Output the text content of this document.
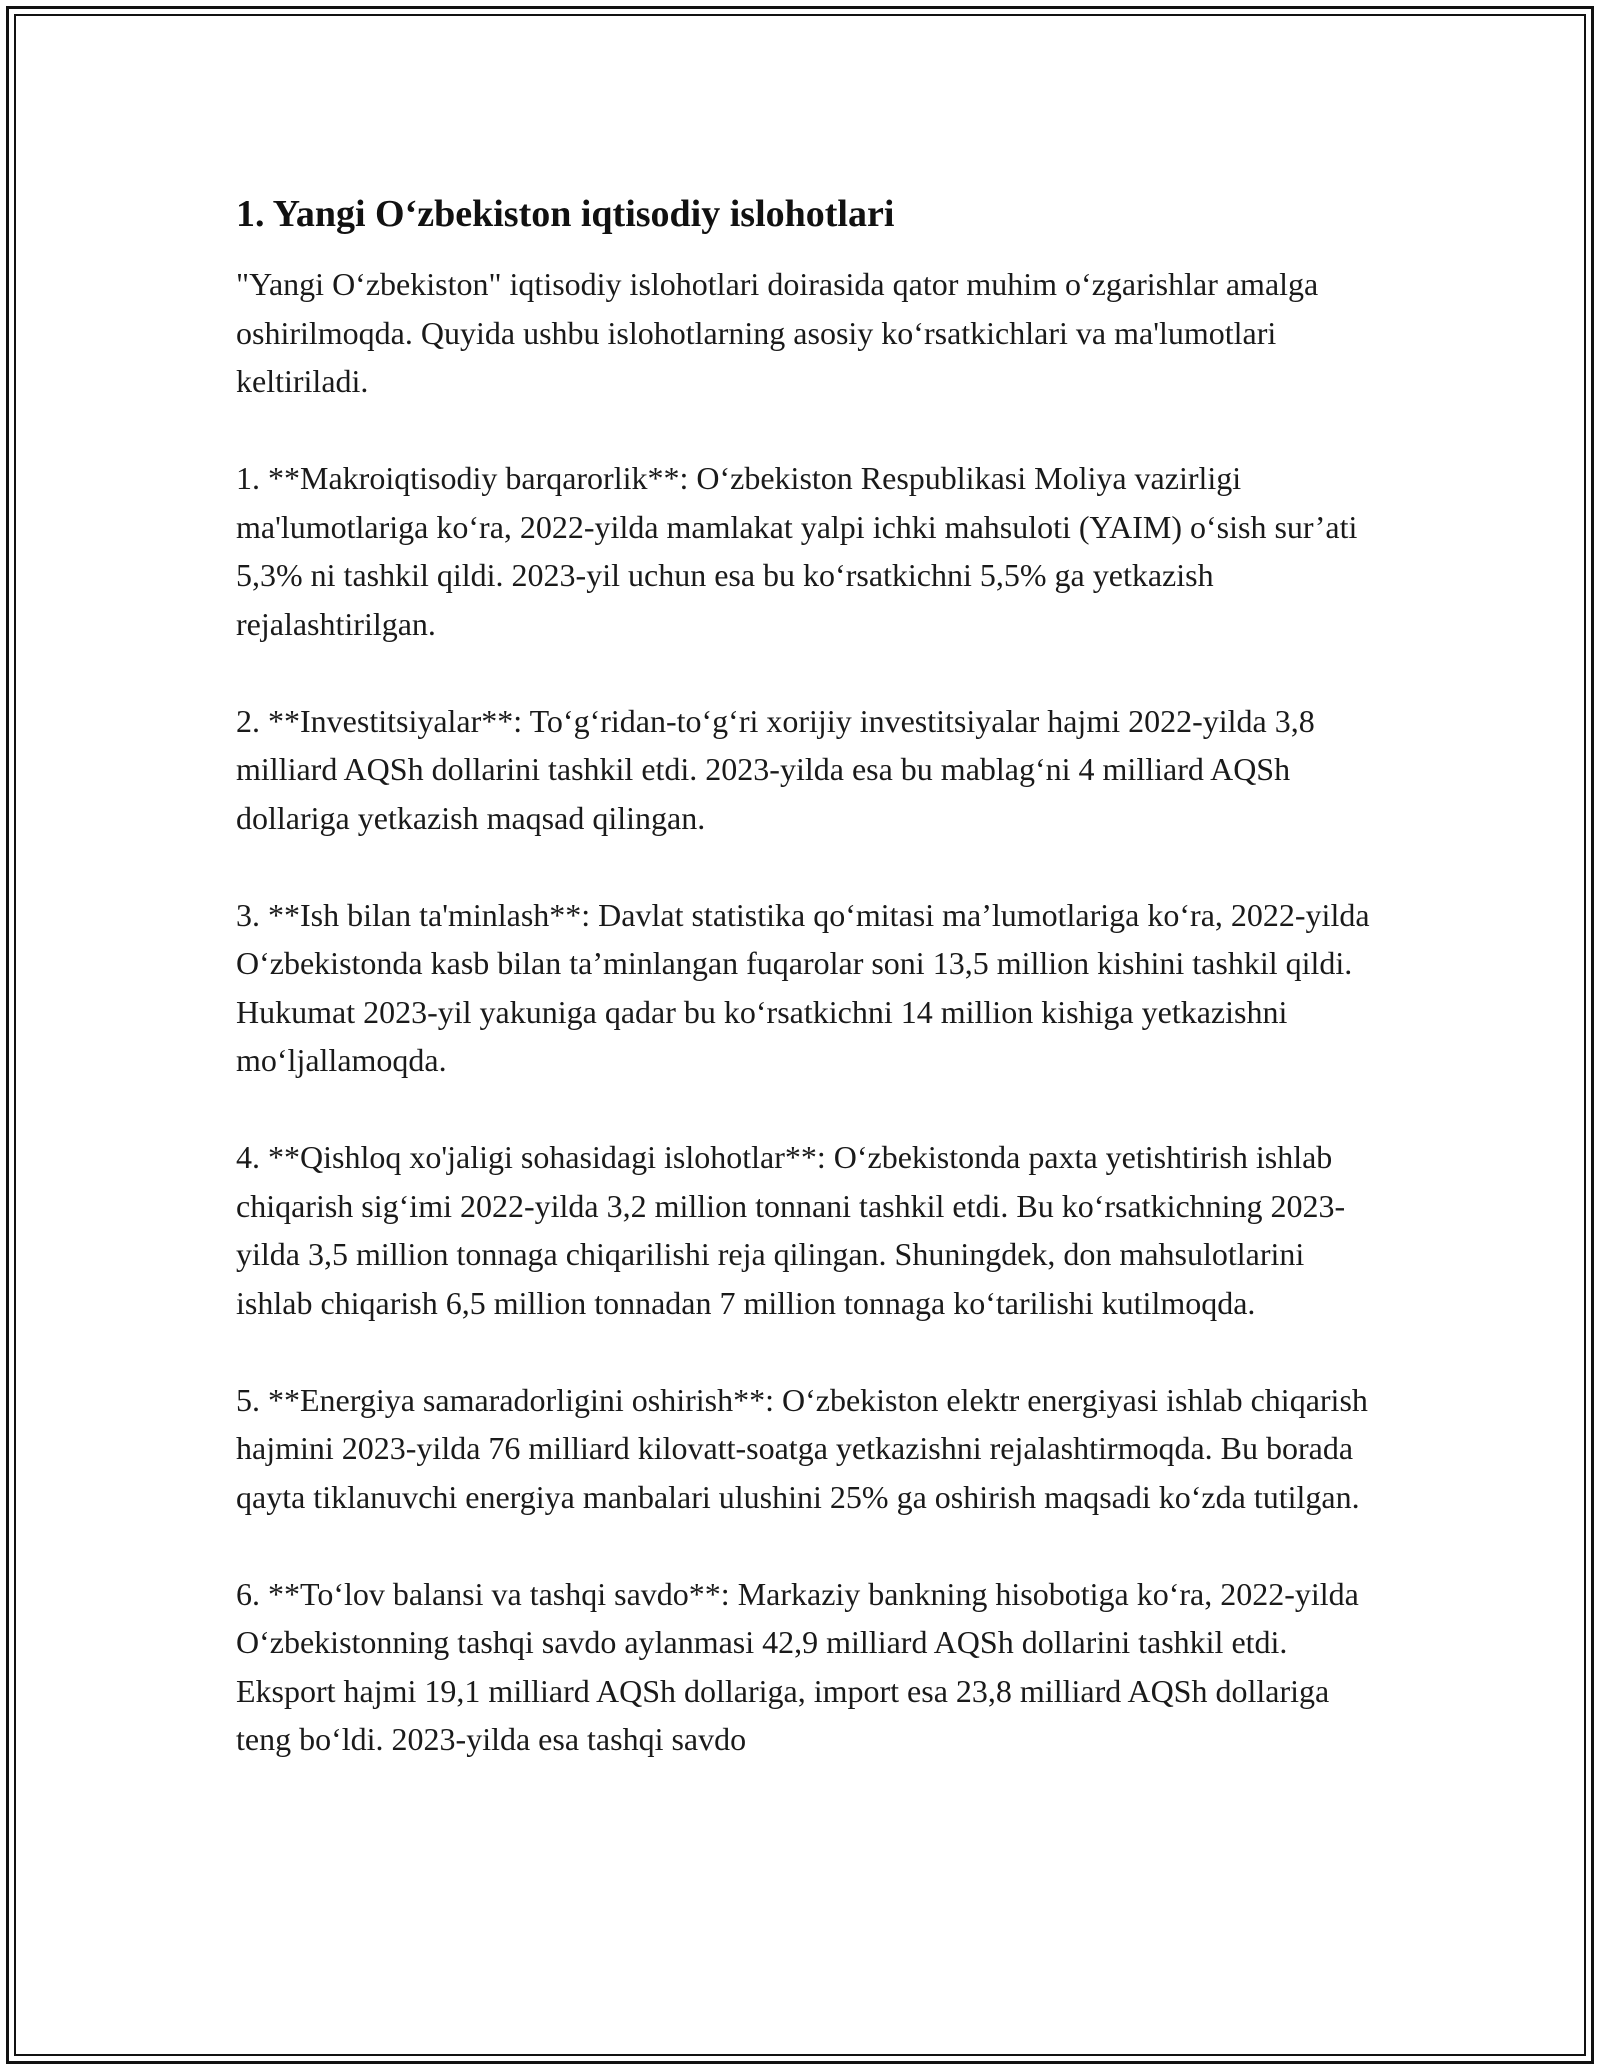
1. Yangi O‘zbekiston iqtisodiy islohotlari

"Yangi O‘zbekiston" iqtisodiy islohotlari doirasida qator muhim o‘zgarishlar amalga oshirilmoqda. Quyida ushbu islohotlarning asosiy ko‘rsatkichlari va ma'lumotlari keltiriladi.

1. **Makroiqtisodiy barqarorlik**: O‘zbekiston Respublikasi Moliya vazirligi ma'lumotlariga ko‘ra, 2022-yilda mamlakat yalpi ichki mahsuloti (YAIM) o‘sish sur’ati 5,3% ni tashkil qildi. 2023-yil uchun esa bu ko‘rsatkichni 5,5% ga yetkazish rejalashtirilgan.

2. **Investitsiyalar**: To‘g‘ridan-to‘g‘ri xorijiy investitsiyalar hajmi 2022-yilda 3,8 milliard AQSh dollarini tashkil etdi. 2023-yilda esa bu mablag‘ni 4 milliard AQSh dollariga yetkazish maqsad qilingan.

3. **Ish bilan ta'minlash**: Davlat statistika qo‘mitasi ma’lumotlariga ko‘ra, 2022-yilda O‘zbekistonda kasb bilan ta’minlangan fuqarolar soni 13,5 million kishini tashkil qildi. Hukumat 2023-yil yakuniga qadar bu ko‘rsatkichni 14 million kishiga yetkazishni mo‘ljallamoqda.

4. **Qishloq xo'jaligi sohasidagi islohotlar**: O‘zbekistonda paxta yetishtirish ishlab chiqarish sig‘imi 2022-yilda 3,2 million tonnani tashkil etdi. Bu ko‘rsatkichning 2023-yilda 3,5 million tonnaga chiqarilishi reja qilingan. Shuningdek, don mahsulotlarini ishlab chiqarish 6,5 million tonnadan 7 million tonnaga ko‘tarilishi kutilmoqda.

5. **Energiya samaradorligini oshirish**: O‘zbekiston elektr energiyasi ishlab chiqarish hajmini 2023-yilda 76 milliard kilovatt-soatga yetkazishni rejalashtirmoqda. Bu borada qayta tiklanuvchi energiya manbalari ulushini 25% ga oshirish maqsadi ko‘zda tutilgan.

6. **To‘lov balansi va tashqi savdo**: Markaziy bankning hisobotiga ko‘ra, 2022-yilda O‘zbekistonning tashqi savdo aylanmasi 42,9 milliard AQSh dollarini tashkil etdi. Eksport hajmi 19,1 milliard AQSh dollariga, import esa 23,8 milliard AQSh dollariga teng bo‘ldi. 2023-yilda esa tashqi savdo
